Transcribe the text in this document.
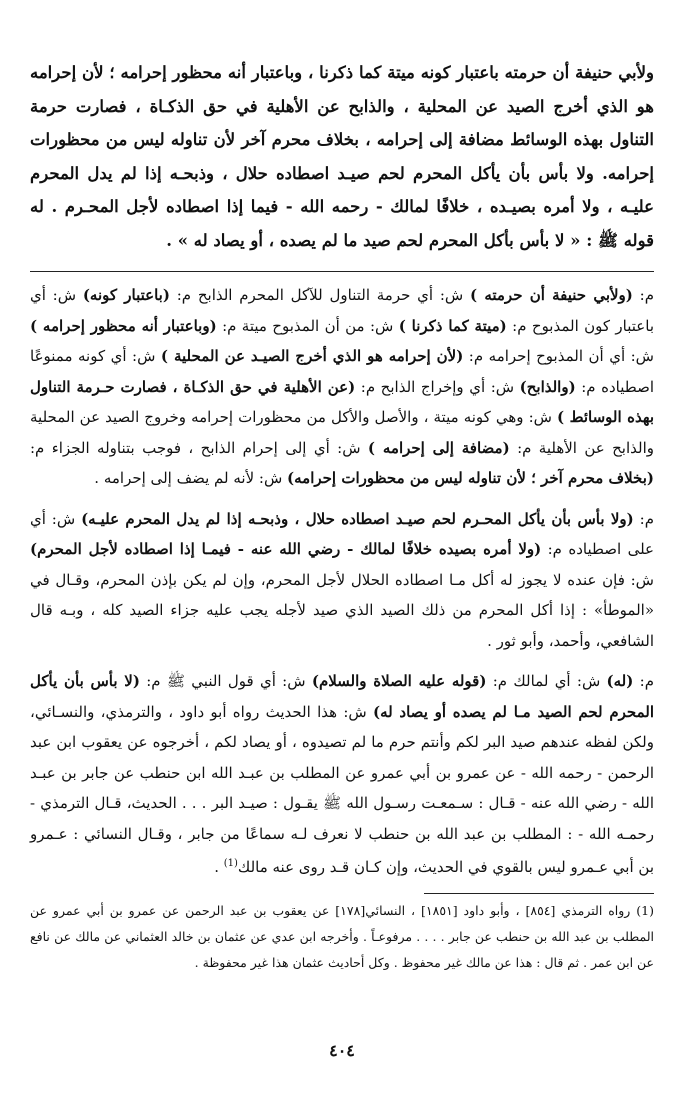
ولأبي حنيفة أن حرمته باعتبار كونه ميتة كما ذكرنا ، وباعتبار أنه محظور إحرامه ؛ لأن إحرامه هو الذي أخرج الصيد عن المحلية ، والذابح عن الأهلية في حق الذكـاة ، فصارت حرمة التناول بهذه الوسائط مضافة إلى إحرامه ، بخلاف محرم آخر لأن تناوله ليس من محظورات إحرامه. ولا بأس بأن يأكل المحرم لحم صيـد اصطاده حلال ، وذبحـه إذا لم يدل المحرم عليـه ، ولا أمره بصيـده ، خلافًا لمالك - رحمه الله - فيما إذا اصطاده لأجل المحـرم . له قوله ﷺ : « لا بأس بأكل المحرم لحم صيد ما لم يصده ، أو يصاد له » .

م: (ولأبي حنيفة أن حرمته ) ش: أي حرمة التناول للآكل المحرم الذابح م: (باعتبار كونه) ش: أي باعتبار كون المذبوح م: (ميتة كما ذكرنا ) ش: من أن المذبوح ميتة م: (وباعتبار أنه محظور إحرامه ) ش: أي أن المذبوح إحرامه م: (لأن إحرامه هو الذي أخرج الصيـد عن المحلية ) ش: أي كونه ممنوعًا اصطياده م: (والذابح) ش: أي وإخراج الذابح م: (عن الأهلية في حق الذكـاة ، فصارت حـرمة التناول بهذه الوسائط ) ش: وهي كونه ميتة ، والأصل والأكل من محظورات إحرامه وخروج الصيد عن المحلية والذابح عن الأهلية م: (مضافة إلى إحرامه ) ش: أي إلى إحرام الذابح ، فوجب بتناوله الجزاء م: (بخلاف محرم آخر ؛ لأن تناوله ليس من محظورات إحرامه) ش: لأنه لم يضف إلى إحرامه .

م: (ولا بأس بأن يأكل المحـرم لحم صيـد اصطاده حلال ، وذبحـه إذا لم يدل المحرم عليـه) ش: أي على اصطياده م: (ولا أمره بصيده خلافًا لمالك - رضي الله عنه - فيمـا إذا اصطاده لأجل المحرم) ش: فإن عنده لا يجوز له أكل مـا اصطاده الحلال لأجل المحرم، وإن لم يكن بإذن المحرم، وقـال في «الموطأ» : إذا أكل المحرم من ذلك الصيد الذي صيد لأجله يجب عليه جزاء الصيد كله ، وبـه قال الشافعي، وأحمد، وأبو ثور .

م: (له) ش: أي لمالك م: (قوله عليه الصلاة والسلام) ش: أي قول النبي ﷺ م: (لا بأس بأن يأكل المحرم لحم الصيد مـا لم يصده أو يصاد له) ش: هذا الحديث رواه أبو داود ، والترمذي، والنسـائي، ولكن لفظه عندهم صيد البر لكم وأنتم حرم ما لم تصيدوه ، أو يصاد لكم ، أخرجوه عن يعقوب ابن عبد الرحمن - رحمه الله - عن عمرو بن أبي عمرو عن المطلب بن عبـد الله ابن حنطب عن جابر بن عبـد الله - رضي الله عنه - قـال : سـمعـت رسـول الله ﷺ يقـول : صيـد البر . . . الحديث، قـال الترمذي - رحمـه الله - : المطلب بن عبد الله بن حنطب لا نعرف لـه سماعًا من جابر ، وقـال النسائي : عـمرو بن أبي عـمرو ليس بالقوي في الحديث، وإن كـان قـد روى عنه مالك$^{(1)}$ .

(1) رواه الترمذي [٨٥٤] ، وأبو داود [١٨٥١] ، النسائي[١٧٨] عن يعقوب بن عبد الرحمن عن عمرو بن أبي عمرو عن المطلب بن عبد الله بن حنطب عن جابر . . . . مرفوعـاً . وأخرجه ابن عدي عن عثمان بن خالد العثماني عن مالك عن نافع عن ابن عمر . ثم قال : هذا عن مالك غير محفوظ . وكل أحاديث عثمان هذا غير محفوظة .

٤٠٤
